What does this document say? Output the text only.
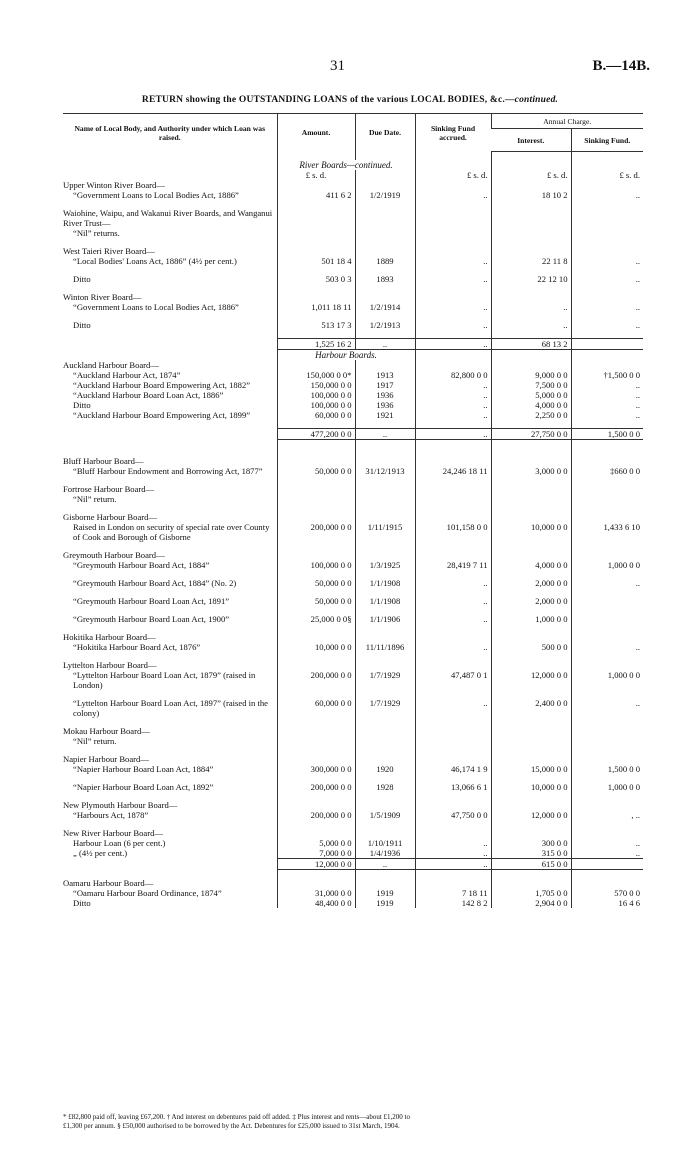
31	B.—14B.
RETURN showing the OUTSTANDING LOANS of the various LOCAL BODIES, &c.—continued.
Name of Local Body, and Authority under which Loan was raised.	Amount.	Due Date.	Sinking Fund accrued.	Annual Charge.	
				Interest.	Sinking Fund.

	River Boards—continued.				
	£ s. d.		£ s. d.	£ s. d.	£ s. d.
Upper Winton River Board—					
“Government Loans to Local Bodies Act, 1886”	411 6 2	1/2/1919	..	18 10 2	..

Waiohine, Waipu, and Wakanui River Boards, and Wanganui River Trust—					
“Nil” returns.					

West Taieri River Board—					
“Local Bodies' Loans Act, 1886” (4½ per cent.)	501 18 4	1889	..	22 11 8	..

Ditto	503 0 3	1893	..	22 12 10	..

Winton River Board—					
“Government Loans to Local Bodies Act, 1886”	1,011 18 11	1/2/1914	..	..	..

Ditto	513 17 3	1/2/1913	..	..	..

	1,525 16 2	..	..	68 13 2	
	Harbour Boards.				
Auckland Harbour Board—					
“Auckland Harbour Act, 1874”	150,000 0 0*	1913	82,800 0 0	9,000 0 0	†1,500 0 0
“Auckland Harbour Board Empowering Act, 1882”	150,000 0 0	1917	..	7,500 0 0	..
“Auckland Harbour Board Loan Act, 1886”	100,000 0 0	1936	..	5,000 0 0	..
Ditto	100,000 0 0	1936	..	4,000 0 0	..
“Auckland Harbour Board Empowering Act, 1899”	60,000 0 0	1921	..	2,250 0 0	..

	477,200 0 0	..	..	27,750 0 0	1,500 0 0

Bluff Harbour Board—					
“Bluff Harbour Endowment and Borrowing Act, 1877”	50,000 0 0	31/12/1913	24,246 18 11	3,000 0 0	‡660 0 0

Fortrose Harbour Board—					
“Nil” return.					

Gisborne Harbour Board—					
Raised in London on security of special rate over County of Cook and Borough of Gisborne	200,000 0 0	1/11/1915	101,158 0 0	10,000 0 0	1,433 6 10

Greymouth Harbour Board—					
“Greymouth Harbour Board Act, 1884”	100,000 0 0	1/3/1925	28,419 7 11	4,000 0 0	1,000 0 0

“Greymouth Harbour Board Act, 1884” (No. 2)	50,000 0 0	1/1/1908	..	2,000 0 0	..

“Greymouth Harbour Board Loan Act, 1891”	50,000 0 0	1/1/1908	..	2,000 0 0	

“Greymouth Harbour Board Loan Act, 1900”	25,000 0 0§	1/1/1906	..	1,000 0 0	

Hokitika Harbour Board—					
“Hokitika Harbour Board Act, 1876”	10,000 0 0	11/11/1896	..	500 0 0	..

Lyttelton Harbour Board—					
“Lyttelton Harbour Board Loan Act, 1879” (raised in London)	200,000 0 0	1/7/1929	47,487 0 1	12,000 0 0	1,000 0 0

“Lyttelton Harbour Board Loan Act, 1897” (raised in the colony)	60,000 0 0	1/7/1929	..	2,400 0 0	..

Mokau Harbour Board—					
“Nil” return.					

Napier Harbour Board—					
“Napier Harbour Board Loan Act, 1884”	300,000 0 0	1920	46,174 1 9	15,000 0 0	1,500 0 0

“Napier Harbour Board Loan Act, 1892”	200,000 0 0	1928	13,066 6 1	10,000 0 0	1,000 0 0

New Plymouth Harbour Board—					
“Harbours Act, 1878”	200,000 0 0	1/5/1909	47,750 0 0	12,000 0 0	, ..

New River Harbour Board—					
Harbour Loan (6 per cent.)	5,000 0 0	1/10/1911	..	300 0 0	..
„ (4½ per cent.)	7,000 0 0	1/4/1936	..	315 0 0	..
	12,000 0 0	..	..	615 0 0	

Oamaru Harbour Board—					
“Oamaru Harbour Board Ordinance, 1874”	31,000 0 0	1919	7 18 11	1,705 0 0	570 0 0
Ditto	48,400 0 0	1919	142 8 2	2,904 0 0	16 4 6

* £82,800 paid off, leaving £67,200. † And interest on debentures paid off added. ‡ Plus interest and rents—about £1,200 to

£1,300 per annum. § £50,000 authorised to be borrowed by the Act. Debentures for £25,000 issued to 31st March, 1904.
